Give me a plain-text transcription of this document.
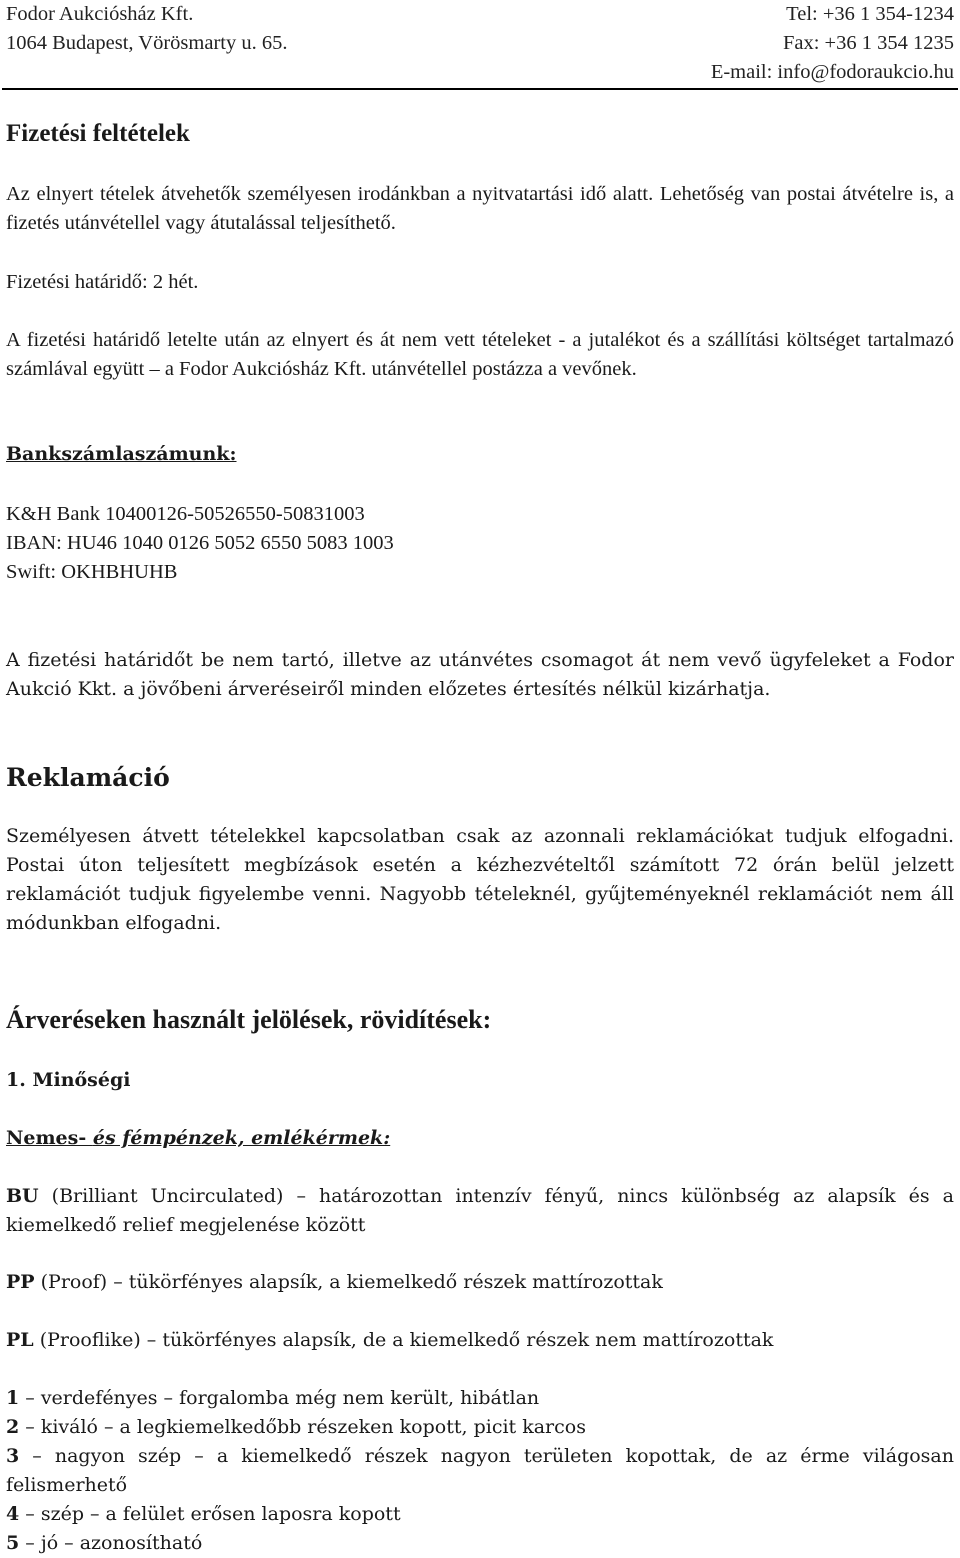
Fodor Aukciósház Kft.
1064 Budapest, Vörösmarty u. 65.
Tel: +36 1 354-1234
Fax: +36 1 354 1235
E-mail: info@fodoraukcio.hu
Fizetési feltételek

Az elnyert tételek átvehetők személyesen irodánkban a nyitvatartási idő alatt. Lehetőség van postai átvételre is, a fizetés utánvétellel vagy átutalással teljesíthető.

Fizetési határidő: 2 hét.

A fizetési határidő letelte után az elnyert és át nem vett tételeket - a jutalékot és a szállítási költséget tartalmazó számlával együtt – a Fodor Aukciósház Kft. utánvétellel postázza a vevőnek.

Bankszámlaszámunk:

K&H Bank 10400126-50526550-50831003
IBAN: HU46 1040 0126 5052 6550 5083 1003
Swift: OKHBHUHB

A fizetési határidőt be nem tartó, illetve az utánvétes csomagot át nem vevő ügyfeleket a Fodor Aukció Kkt. a jövőbeni árveréseiről minden előzetes értesítés nélkül kizárhatja.

Reklamáció

Személyesen átvett tételekkel kapcsolatban csak az azonnali reklamációkat tudjuk elfogadni. Postai úton teljesített megbízások esetén a kézhezvételtől számított 72 órán belül jelzett reklamációt tudjuk figyelembe venni. Nagyobb tételeknél, gyűjteményeknél reklamációt nem áll módunkban elfogadni.

Árveréseken használt jelölések, rövidítések:

1. Minőségi

Nemes- és fémpénzek, emlékérmek:

BU (Brilliant Uncirculated) – határozottan intenzív fényű, nincs különbség az alapsík és a kiemelkedő relief megjelenése között

PP (Proof) – tükörfényes alapsík, a kiemelkedő részek mattírozottak

PL (Prooflike) – tükörfényes alapsík, de a kiemelkedő részek nem mattírozottak

1 – verdefényes – forgalomba még nem került, hibátlan

2 – kiváló – a legkiemelkedőbb részeken kopott, picit karcos

3 – nagyon szép – a kiemelkedő részek nagyon területen kopottak, de az érme világosan felismerhető

4 – szép – a felület erősen laposra kopott

5 – jó – azonosítható
